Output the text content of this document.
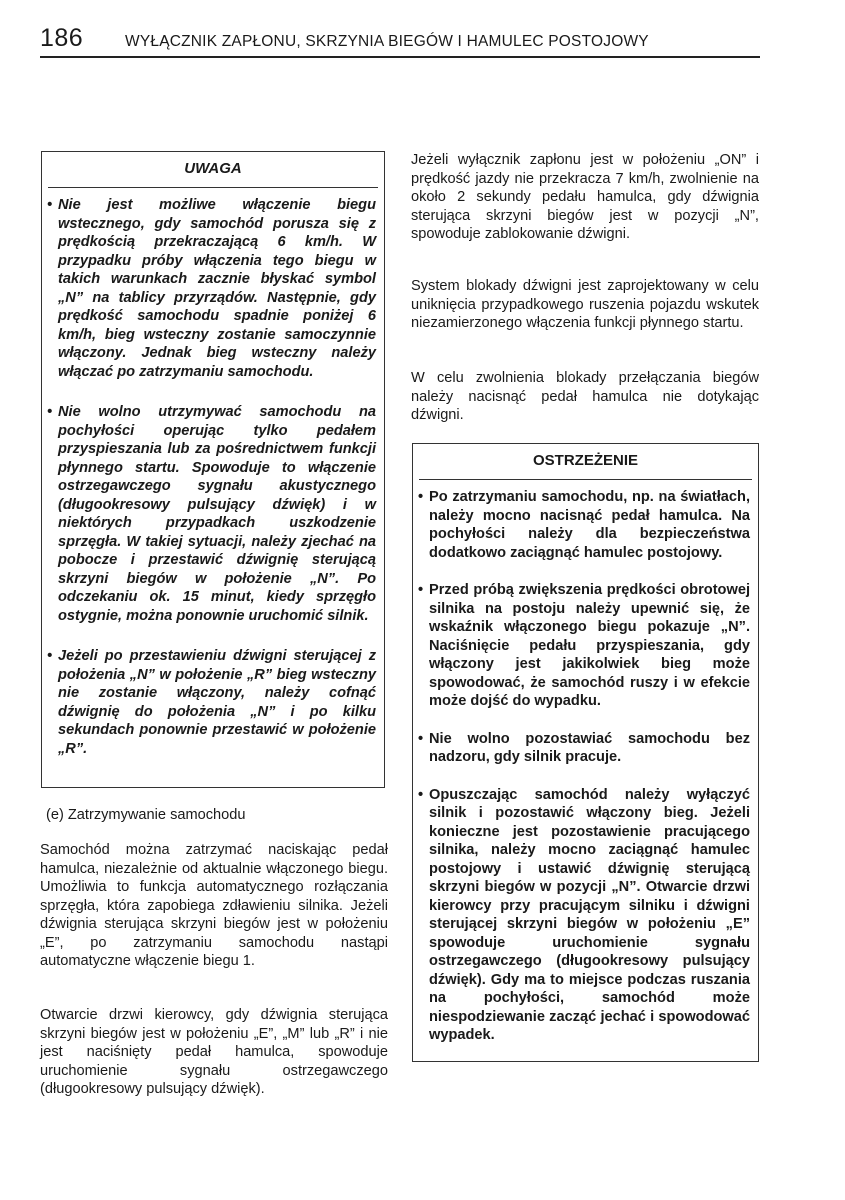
186	WYŁĄCZNIK ZAPŁONU, SKRZYNIA BIEGÓW I HAMULEC POSTOJOWY
UWAGA
• Nie jest możliwe włączenie biegu wstecznego, gdy samochód porusza się z prędkością przekraczającą 6 km/h. W przypadku próby włączenia tego biegu w takich warunkach zacznie błyskać symbol „N” na tablicy przyrządów. Następnie, gdy prędkość samochodu spadnie poniżej 6 km/h, bieg wsteczny zostanie samoczynnie włączony. Jednak bieg wsteczny należy włączać po zatrzymaniu samochodu.
• Nie wolno utrzymywać samochodu na pochyłości operując tylko pedałem przyspieszania lub za pośrednictwem funkcji płynnego startu. Spowoduje to włączenie ostrzegawczego sygnału akustycznego (długookresowy pulsujący dźwięk) i w niektórych przypadkach uszkodzenie sprzęgła. W takiej sytuacji, należy zjechać na pobocze i przestawić dźwignię sterującą skrzyni biegów w położenie „N”. Po odczekaniu ok. 15 minut, kiedy sprzęgło ostygnie, można ponownie uruchomić silnik.
• Jeżeli po przestawieniu dźwigni sterującej z położenia „N” w położenie „R” bieg wsteczny nie zostanie włączony, należy cofnąć dźwignię do położenia „N” i po kilku sekundach ponownie przestawić w położenie „R”.
(e) Zatrzymywanie samochodu
Samochód można zatrzymać naciskając pedał hamulca, niezależnie od aktualnie włączonego biegu. Umożliwia to funkcja automatycznego rozłączania sprzęgła, która zapobiega zdławieniu silnika. Jeżeli dźwignia sterująca skrzyni biegów jest w położeniu „E”, po zatrzymaniu samochodu nastąpi automatyczne włączenie biegu 1.
Otwarcie drzwi kierowcy, gdy dźwignia sterująca skrzyni biegów jest w położeniu „E”, „M” lub „R” i nie jest naciśnięty pedał hamulca, spowoduje uruchomienie sygnału ostrzegawczego (długookresowy pulsujący dźwięk).
Jeżeli wyłącznik zapłonu jest w położeniu „ON” i prędkość jazdy nie przekracza 7 km/h, zwolnienie na około 2 sekundy pedału hamulca, gdy dźwignia sterująca skrzyni biegów jest w pozycji „N”, spowoduje zablokowanie dźwigni.
System blokady dźwigni jest zaprojektowany w celu uniknięcia przypadkowego ruszenia pojazdu wskutek niezamierzonego włączenia funkcji płynnego startu.
W celu zwolnienia blokady przełączania biegów należy nacisnąć pedał hamulca nie dotykając dźwigni.
OSTRZEŻENIE
• Po zatrzymaniu samochodu, np. na światłach, należy mocno nacisnąć pedał hamulca. Na pochyłości należy dla bezpieczeństwa dodatkowo zaciągnąć hamulec postojowy.
• Przed próbą zwiększenia prędkości obrotowej silnika na postoju należy upewnić się, że wskaźnik włączonego biegu pokazuje „N”. Naciśnięcie pedału przyspieszania, gdy włączony jest jakikolwiek bieg może spowodować, że samochód ruszy i w efekcie może dojść do wypadku.
• Nie wolno pozostawiać samochodu bez nadzoru, gdy silnik pracuje.
• Opuszczając samochód należy wyłączyć silnik i pozostawić włączony bieg. Jeżeli konieczne jest pozostawienie pracującego silnika, należy mocno zaciągnąć hamulec postojowy i ustawić dźwignię sterującą skrzyni biegów w pozycji „N”. Otwarcie drzwi kierowcy przy pracującym silniku i dźwigni sterującej skrzyni biegów w położeniu „E” spowoduje uruchomienie sygnału ostrzegawczego (długookresowy pulsujący dźwięk). Gdy ma to miejsce podczas ruszania na pochyłości, samochód może niespodziewanie zacząć jechać i spowodować wypadek.
